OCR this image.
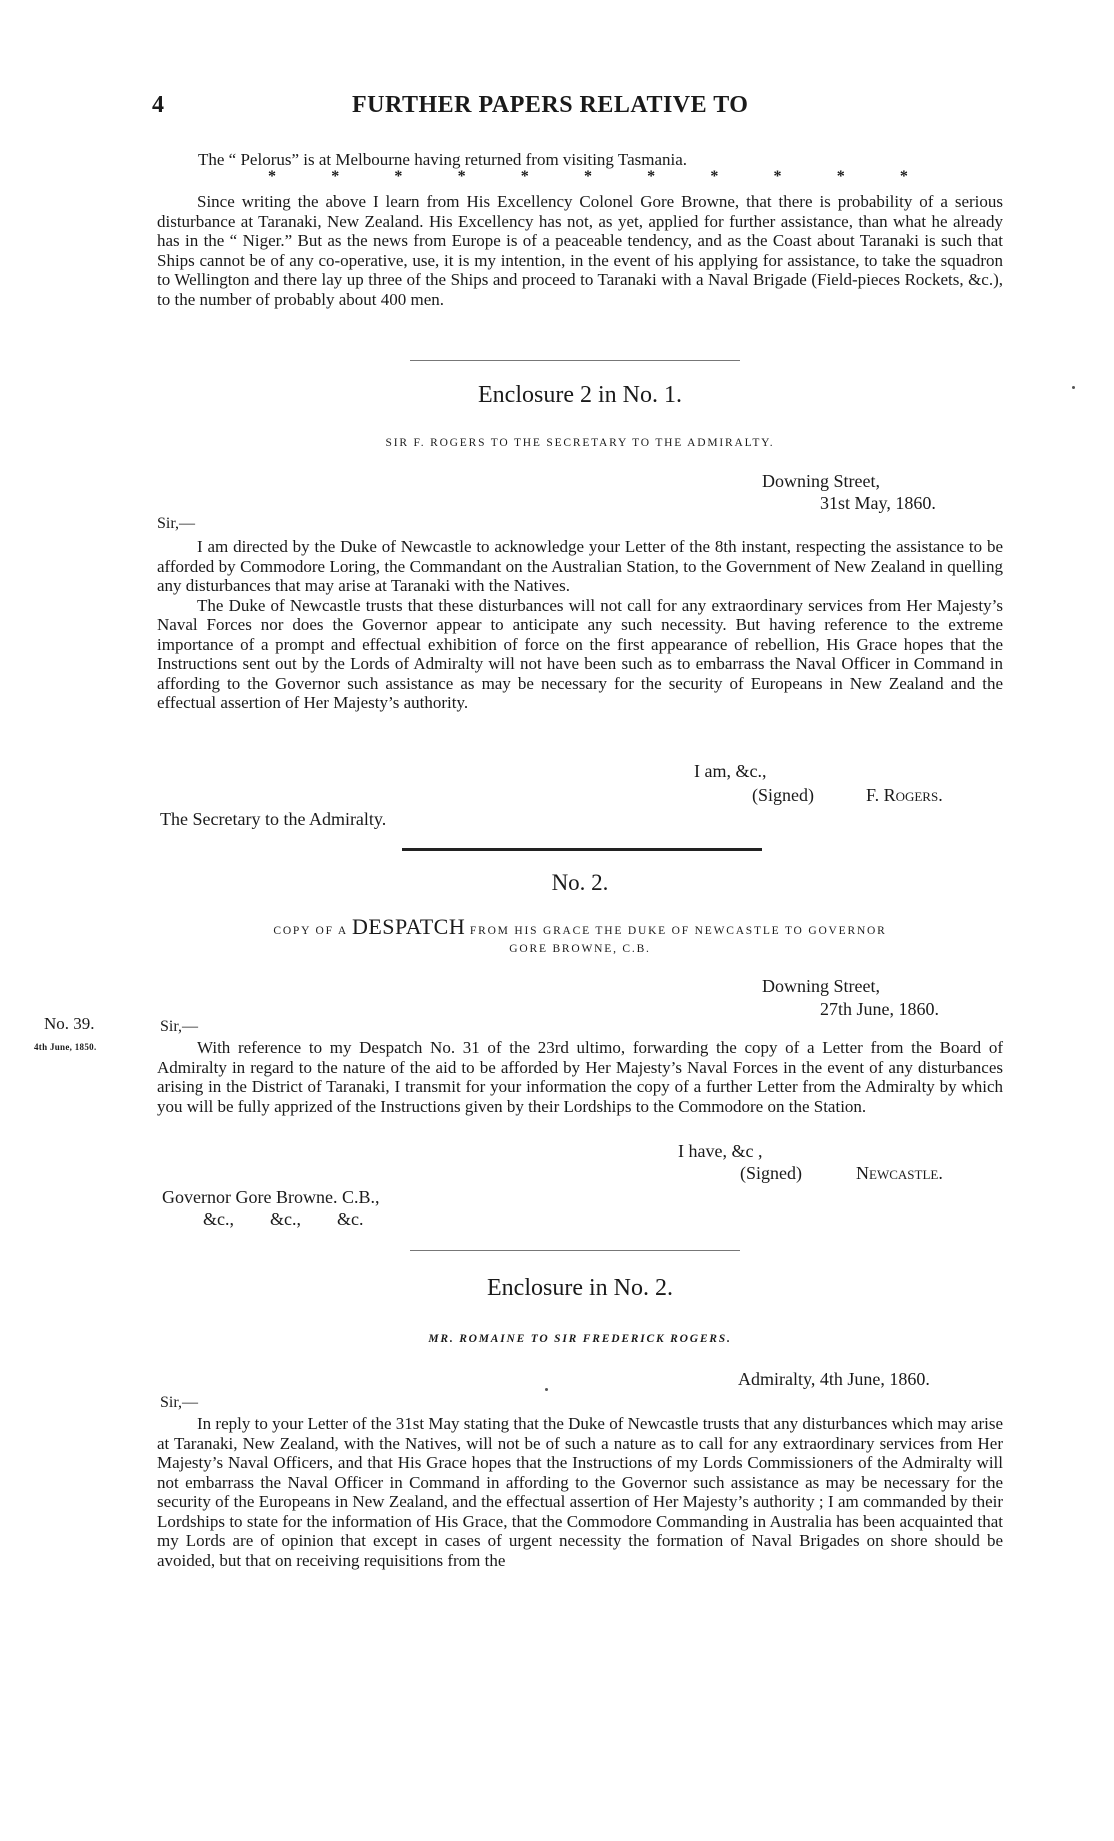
4	FURTHER PAPERS RELATIVE TO
The “ Pelorus” is at Melbourne having returned from visiting Tasmania.
*	*	*	*	*	*	*	*	*	*	*
Since writing the above I learn from His Excellency Colonel Gore Browne, that there is probability of a serious disturbance at Taranaki, New Zealand. His Excellency has not, as yet, applied for further assistance, than what he already has in the “ Niger.” But as the news from Europe is of a peaceable tendency, and as the Coast about Taranaki is such that Ships cannot be of any co-operative, use, it is my intention, in the event of his applying for assistance, to take the squadron to Wellington and there lay up three of the Ships and proceed to Taranaki with a Naval Brigade (Field-pieces Rockets, &c.), to the number of probably about 400 men.
Enclosure 2 in No. 1.
SIR F. ROGERS TO THE SECRETARY TO THE ADMIRALTY.
Downing Street,
31st May, 1860.
Sir,—

I am directed by the Duke of Newcastle to acknowledge your Letter of the 8th instant, respecting the assistance to be afforded by Commodore Loring, the Commandant on the Australian Station, to the Government of New Zealand in quelling any disturbances that may arise at Taranaki with the Natives.

The Duke of Newcastle trusts that these disturbances will not call for any extraordinary services from Her Majesty’s Naval Forces nor does the Governor appear to anticipate any such necessity. But having reference to the extreme importance of a prompt and effectual exhibition of force on the first appearance of rebellion, His Grace hopes that the Instructions sent out by the Lords of Admiralty will not have been such as to embarrass the Naval Officer in Command in affording to the Governor such assistance as may be necessary for the security of Europeans in New Zealand and the effectual assertion of Her Majesty’s authority.

I am, &c.,
(Signed)	F. Rogers.
The Secretary to the Admiralty.
No. 2.
COPY OF A DESPATCH FROM HIS GRACE THE DUKE OF NEWCASTLE TO GOVERNOR
GORE BROWNE, C.B.
Downing Street,
27th June, 1860.
No. 39.
4th June, 1850.
Sir,—
With reference to my Despatch No. 31 of the 23rd ultimo, forwarding the copy of a Letter from the Board of Admiralty in regard to the nature of the aid to be afforded by Her Majesty’s Naval Forces in the event of any disturbances arising in the District of Taranaki, I transmit for your information the copy of a further Letter from the Admiralty by which you will be fully apprized of the Instructions given by their Lordships to the Commodore on the Station.
I have, &c ,
(Signed)	Newcastle.
Governor Gore Browne. C.B.,
&c.,        &c.,        &c.
Enclosure in No. 2.
MR. ROMAINE TO SIR FREDERICK ROGERS.
Admiralty, 4th June, 1860.
Sir,—
In reply to your Letter of the 31st May stating that the Duke of Newcastle trusts that any disturbances which may arise at Taranaki, New Zealand, with the Natives, will not be of such a nature as to call for any extraordinary services from Her Majesty’s Naval Officers, and that His Grace hopes that the Instructions of my Lords Commissioners of the Admiralty will not embarrass the Naval Officer in Command in affording to the Governor such assistance as may be necessary for the security of the Europeans in New Zealand, and the effectual assertion of Her Majesty’s authority ; I am commanded by their Lordships to state for the information of His Grace, that the Commodore Commanding in Australia has been acquainted that my Lords are of opinion that except in cases of urgent necessity the formation of Naval Brigades on shore should be avoided, but that on receiving requisitions from the
